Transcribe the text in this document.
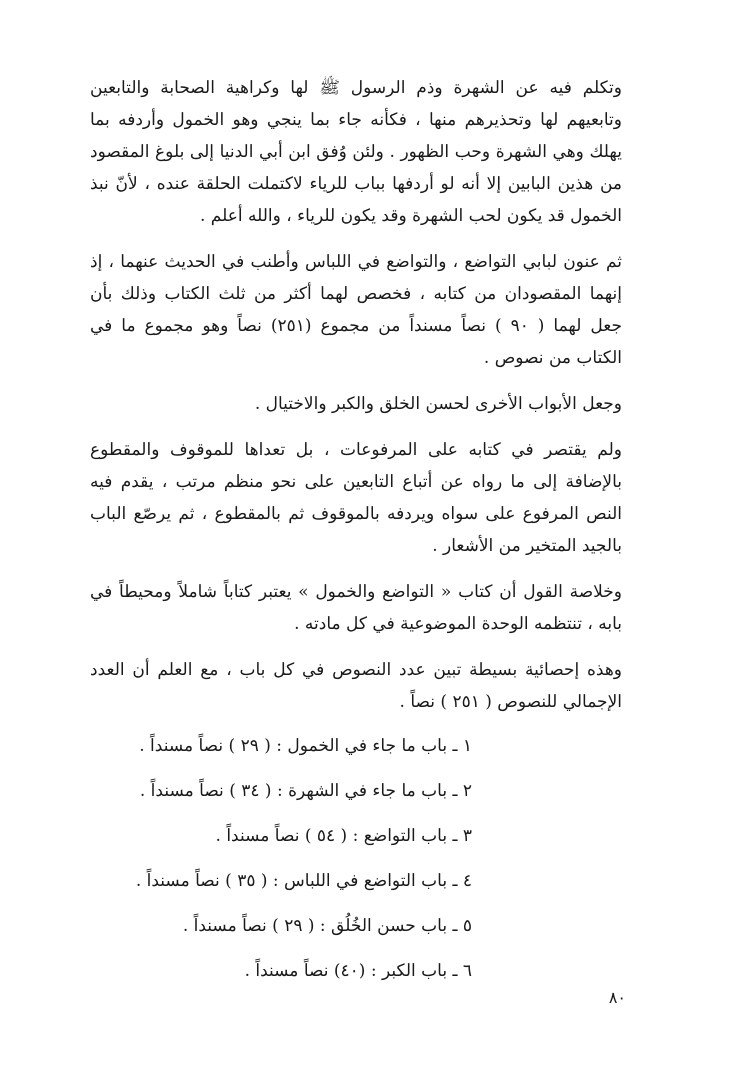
وتكلم فيه عن الشهرة وذم الرسول ﷺ لها وكراهية الصحابة والتابعين وتابعيهم لها وتحذيرهم منها ، فكأنه جاء بما ينجي وهو الخمول وأردفه بما يهلك وهي الشهرة وحب الظهور . ولئن وُفق ابن أبي الدنيا إلى بلوغ المقصود من هذين البابين إلا أنه لو أردفها بباب للرياء لاكتملت الحلقة عنده ، لأنّ نبذ الخمول قد يكون لحب الشهرة وقد يكون للرياء ، والله أعلم .

ثم عنون لبابي التواضع ، والتواضع في اللباس وأطنب في الحديث عنهما ، إذ إنهما المقصودان من كتابه ، فخصص لهما أكثر من ثلث الكتاب وذلك بأن جعل لهما ( ٩٠ ) نصاً مسنداً من مجموع (٢٥١) نصاً وهو مجموع ما في الكتاب من نصوص .

وجعل الأبواب الأخرى لحسن الخلق والكبر والاختيال .

ولم يقتصر في كتابه على المرفوعات ، بل تعداها للموقوف والمقطوع بالإضافة إلى ما رواه عن أتباع التابعين على نحو منظم مرتب ، يقدم فيه النص المرفوع على سواه ويردفه بالموقوف ثم بالمقطوع ، ثم يرصّع الباب بالجيد المتخير من الأشعار .

وخلاصة القول أن كتاب « التواضع والخمول » يعتبر كتاباً شاملاً ومحيطاً في بابه ، تنتظمه الوحدة الموضوعية في كل مادته .

وهذه إحصائية بسيطة تبين عدد النصوص في كل باب ، مع العلم أن العدد الإجمالي للنصوص ( ٢٥١ ) نصاً .

١ ـ باب ما جاء في الخمول : ( ٢٩ ) نصاً مسنداً .
٢ ـ باب ما جاء في الشهرة : ( ٣٤ ) نصاً مسنداً .
٣ ـ باب التواضع : ( ٥٤ ) نصاً مسنداً .
٤ ـ باب التواضع في اللباس : ( ٣٥ ) نصاً مسنداً .
٥ ـ باب حسن الخُلُق : ( ٢٩ ) نصاً مسنداً .
٦ ـ باب الكبر : (٤٠) نصاً مسنداً .
٨٠
